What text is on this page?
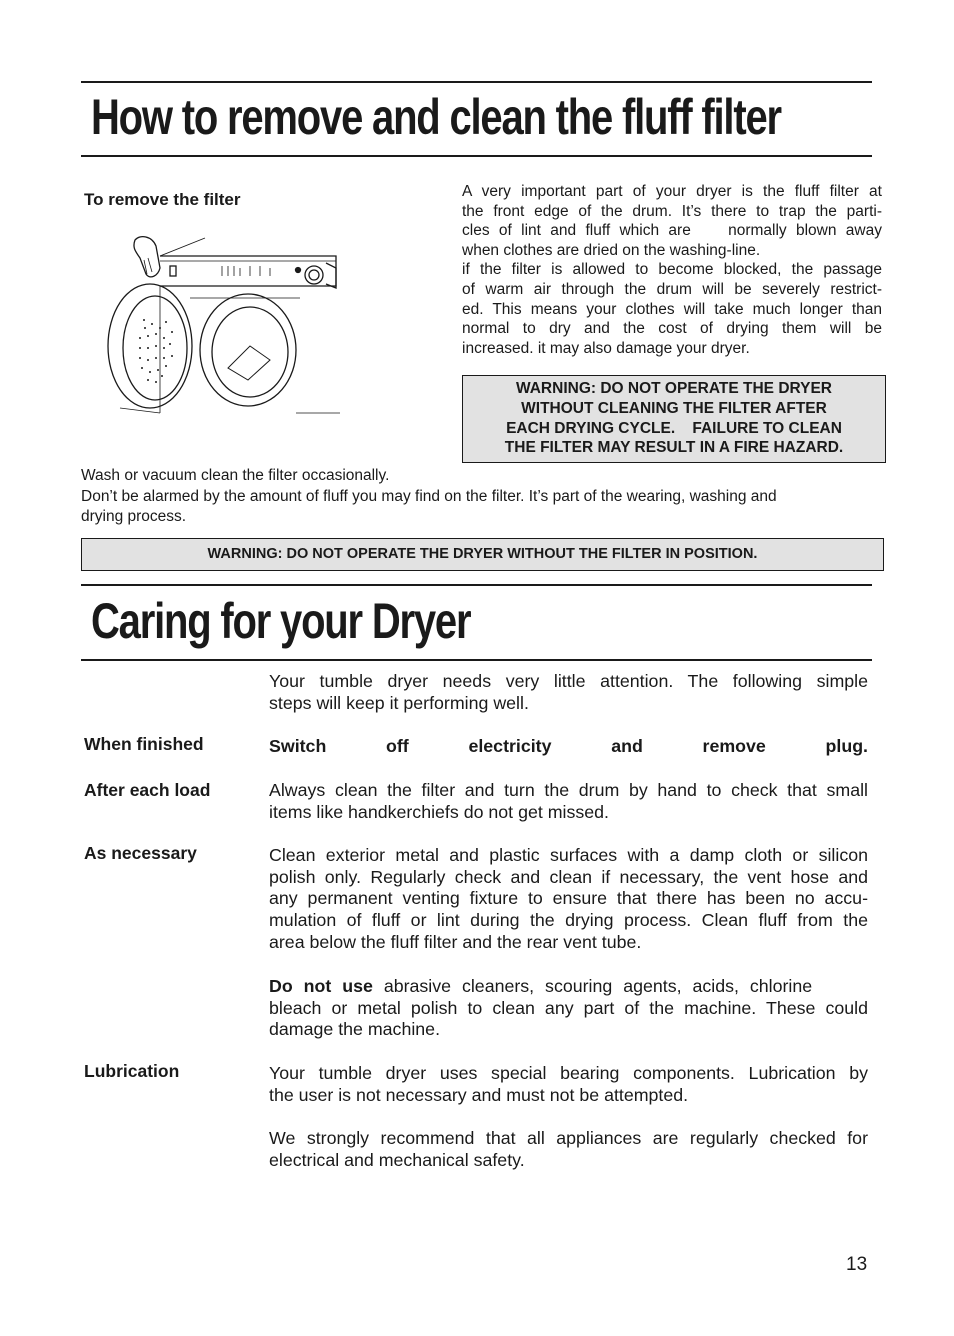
How to remove and clean the fluff filter
To remove the filter	A very important part of your dryer is the fluff filter at
the front edge of the drum. It’s there to trap the parti-
cles of lint and fluff which are    normally blown away
when clothes are dried on the washing-line.
if the filter is allowed to become blocked, the passage
of warm air through the drum will be severely restrict-
ed. This means your clothes will take much longer than
normal to dry and the cost of drying them will be
increased. it may also damage your dryer.
WARNING: DO NOT OPERATE THE DRYER
WITHOUT CLEANING THE FILTER AFTER
EACH DRYING CYCLE.    FAILURE TO CLEAN
THE FILTER MAY RESULT IN A FIRE HAZARD.
Wash or vacuum clean the filter occasionally.
Don’t be alarmed by the amount of fluff you may find on the filter. It’s part of the wearing, washing and
drying process.
WARNING: DO NOT OPERATE THE DRYER WITHOUT THE FILTER IN POSITION.
Caring for your Dryer
Your tumble dryer needs very little attention. The following simple
steps will keep it performing well.
When finished	Switch off electricity and remove plug.
After each load	Always clean the filter and turn the drum by hand to check that small
items like handkerchiefs do not get missed.
As necessary	Clean exterior metal and plastic surfaces with a damp cloth or silicon
polish only. Regularly check and clean if necessary, the vent hose and
any permanent venting fixture to ensure that there has been no accu-
mulation of fluff or lint during the drying process. Clean fluff from the
area below the fluff filter and the rear vent tube.
Do not use abrasive cleaners, scouring agents, acids, chlorine
bleach or metal polish to clean any part of the machine. These could
damage the machine.
Lubrication	Your tumble dryer uses special bearing components. Lubrication by
the user is not necessary and must not be attempted.
We strongly recommend that all appliances are regularly checked for
electrical and mechanical safety.
13
